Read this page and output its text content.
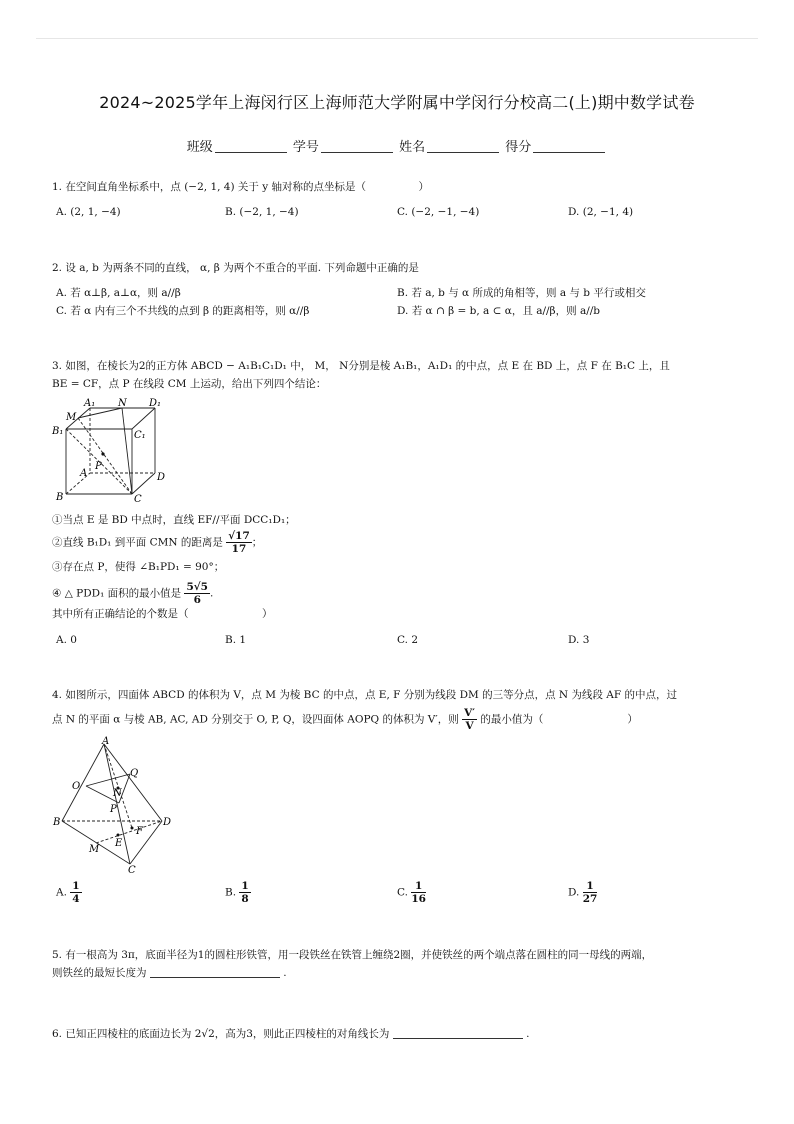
2024~2025学年上海闵行区上海师范大学附属中学闵行分校高二(上)期中数学试卷
班级	学号	姓名	得分
1. 在空间直角坐标系中，点 (−2, 1, 4) 关于 y 轴对称的点坐标是（　　　　　）
A. (2, 1, −4)	B. (−2, 1, −4)	C. (−2, −1, −4)	D. (2, −1, 4)
2. 设 a, b 为两条不同的直线， α, β 为两个不重合的平面. 下列命题中正确的是
A. 若 α⊥β, a⊥α，则 a//β	B. 若 a, b 与 α 所成的角相等，则 a 与 b 平行或相交
C. 若 α 内有三个不共线的点到 β 的距离相等，则 α//β	D. 若 α ∩ β = b, a ⊂ α，且 a//β，则 a//b
3. 如图，在棱长为2的正方体 ABCD − A₁B₁C₁D₁ 中， M， N分别是棱 A₁B₁，A₁D₁ 的中点，点 E 在 BD 上，点 F 在 B₁C 上，且
BE = CF，点 P 在线段 CM 上运动，给出下列四个结论：
M
A₁ N D₁
B₁	C₁
P
A	D
B	C
①当点 E 是 BD 中点时，直线 EF//平面 DCC₁D₁；
②直线 B₁D₁ 到平面 CMN 的距离是 $\frac{√17}{17}$ ；
③存在点 P，使得 ∠B₁PD₁ = 90°；
④ △ PDD₁ 面积的最小值是 $\frac{5√5}{6}$ .
其中所有正确结论的个数是（　　　　　　　）
A. 0	B. 1	C. 2	D. 3
4. 如图所示，四面体 ABCD 的体积为 V，点 M 为棱 BC 的中点，点 E, F 分别为线段 DM 的三等分点，点 N 为线段 AF 的中点，过
点 N 的平面 α 与棱 AB, AC, AD 分别交于 O, P, Q，设四面体 AOPQ 的体积为 V′，则 $\frac{V'}{V}$ 的最小值为（　　　　　　　　）
A
Q
O
N
P
B	D
F
E
M
C
A. $\frac{1}{4}$	B. $\frac{1}{8}$	C. $\frac{1}{16}$	D. $\frac{1}{27}$
5. 有一根高为 3π，底面半径为1的圆柱形铁管，用一段铁丝在铁管上缠绕2圈，并使铁丝的两个端点落在圆柱的同一母线的两端，
则铁丝的最短长度为	.
6. 已知正四棱柱的底面边长为 2√2，高为3，则此正四棱柱的对角线长为	.
